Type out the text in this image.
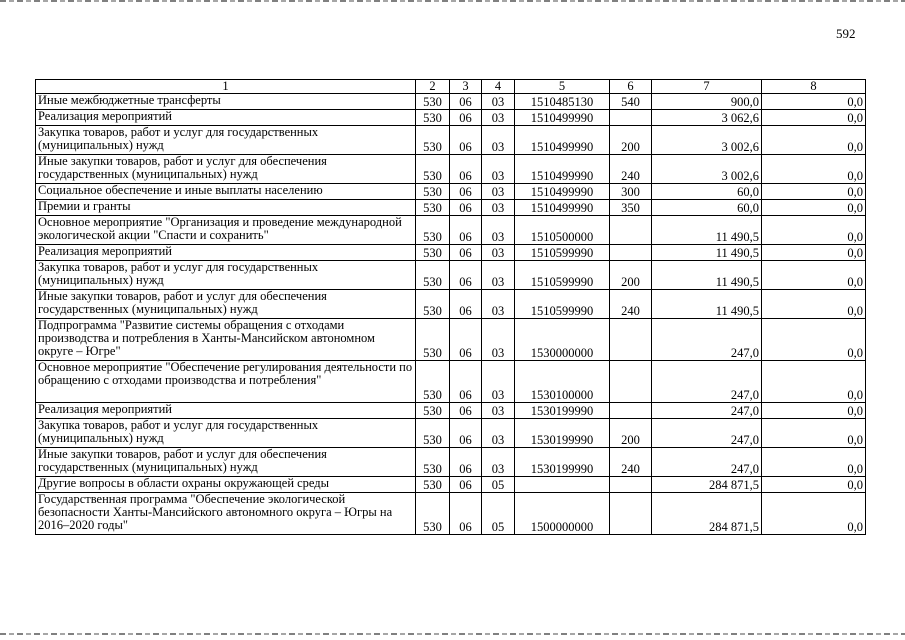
592
1	2	3	4	5	6	7	8
Иные межбюджетные трансферты	530	06	03	1510485130	540	900,0	0,0
Реализация мероприятий	530	06	03	1510499990		3 062,6	0,0
Закупка товаров, работ и услуг для государственных (муниципальных) нужд	530	06	03	1510499990	200	3 002,6	0,0
Иные закупки товаров, работ и услуг для обеспечения государственных (муниципальных) нужд	530	06	03	1510499990	240	3 002,6	0,0
Социальное обеспечение и иные выплаты населению	530	06	03	1510499990	300	60,0	0,0
Премии и гранты	530	06	03	1510499990	350	60,0	0,0
Основное мероприятие "Организация и проведение международной экологической акции "Спасти и сохранить"	530	06	03	1510500000		11 490,5	0,0
Реализация мероприятий	530	06	03	1510599990		11 490,5	0,0
Закупка товаров, работ и услуг для государственных (муниципальных) нужд	530	06	03	1510599990	200	11 490,5	0,0
Иные закупки товаров, работ и услуг для обеспечения государственных (муниципальных) нужд	530	06	03	1510599990	240	11 490,5	0,0
Подпрограмма "Развитие системы обращения с отходами производства и потребления в Ханты-Мансийском автономном округе – Югре"	530	06	03	1530000000		247,0	0,0
Основное мероприятие "Обеспечение регулирования деятельности по обращению с отходами производства и потребления"	530	06	03	1530100000		247,0	0,0
Реализация мероприятий	530	06	03	1530199990		247,0	0,0
Закупка товаров, работ и услуг для государственных (муниципальных) нужд	530	06	03	1530199990	200	247,0	0,0
Иные закупки товаров, работ и услуг для обеспечения государственных (муниципальных) нужд	530	06	03	1530199990	240	247,0	0,0
Другие вопросы в области охраны окружающей среды	530	06	05			284 871,5	0,0
Государственная программа "Обеспечение экологической безопасности Ханты-Мансийского автономного округа – Югры на 2016–2020 годы"	530	06	05	1500000000		284 871,5	0,0
